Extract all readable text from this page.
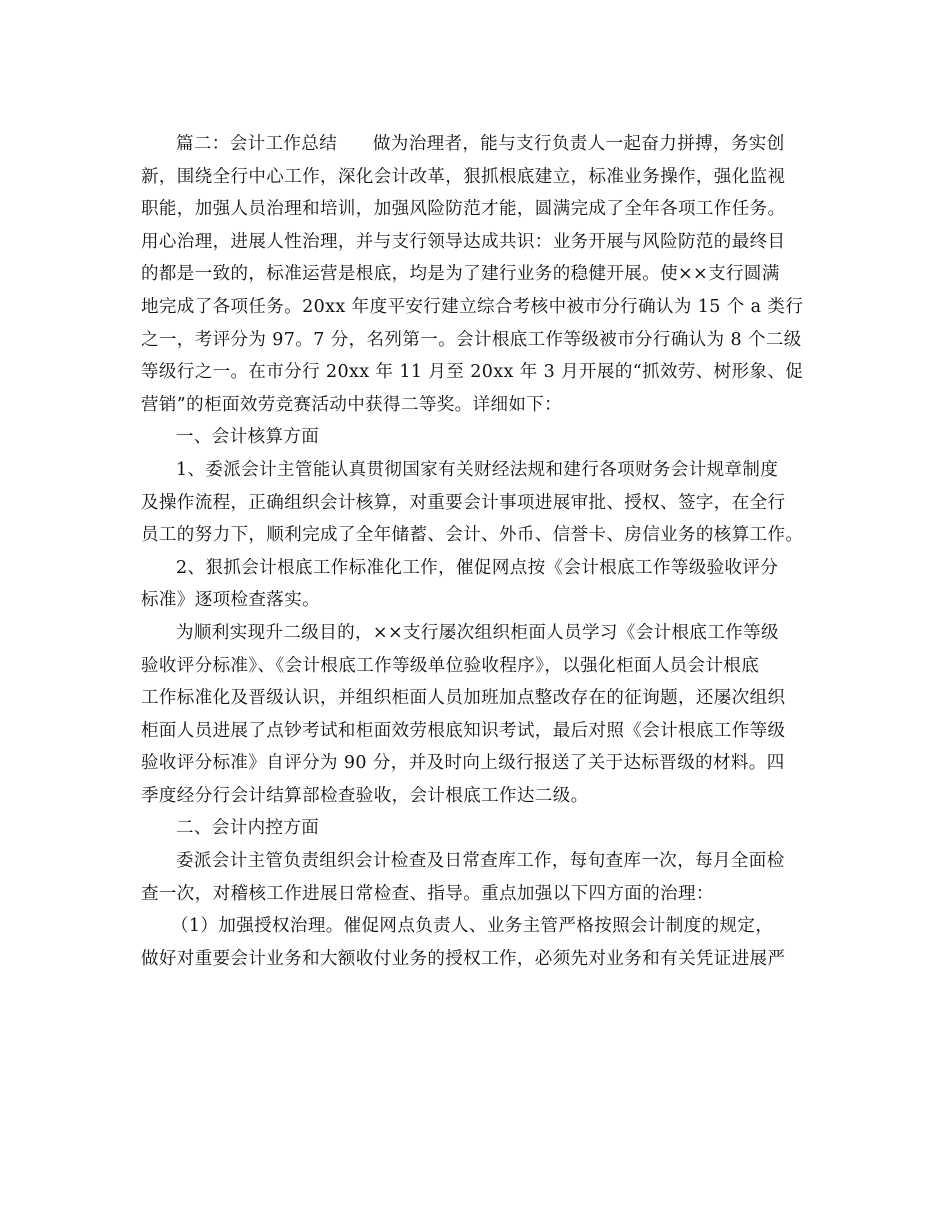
篇二：会计工作总结　　做为治理者，能与支行负责人一起奋力拼搏，务实创
新，围绕全行中心工作，深化会计改革，狠抓根底建立，标准业务操作，强化监视
职能，加强人员治理和培训，加强风险防范才能，圆满完成了全年各项工作任务。
用心治理，进展人性治理，并与支行领导达成共识：业务开展与风险防范的最终目
的都是一致的，标准运营是根底，均是为了建行业务的稳健开展。使××支行圆满
地完成了各项任务。20xx 年度平安行建立综合考核中被市分行确认为 15 个 a 类行
之一，考评分为 97。7 分，名列第一。会计根底工作等级被市分行确认为 8 个二级
等级行之一。在市分行 20xx 年 11 月至 20xx 年 3 月开展的“抓效劳、树形象、促
营销”的柜面效劳竞赛活动中获得二等奖。详细如下：
一、会计核算方面
1、委派会计主管能认真贯彻国家有关财经法规和建行各项财务会计规章制度
及操作流程，正确组织会计核算，对重要会计事项进展审批、授权、签字，在全行
员工的努力下，顺利完成了全年储蓄、会计、外币、信誉卡、房信业务的核算工作。
2、狠抓会计根底工作标准化工作，催促网点按《会计根底工作等级验收评分
标准》逐项检查落实。
为顺利实现升二级目的，××支行屡次组织柜面人员学习《会计根底工作等级
验收评分标准》、《会计根底工作等级单位验收程序》，以强化柜面人员会计根底
工作标准化及晋级认识，并组织柜面人员加班加点整改存在的征询题，还屡次组织
柜面人员进展了点钞考试和柜面效劳根底知识考试，最后对照《会计根底工作等级
验收评分标准》自评分为 90 分，并及时向上级行报送了关于达标晋级的材料。四
季度经分行会计结算部检查验收，会计根底工作达二级。
二、会计内控方面
委派会计主管负责组织会计检查及日常查库工作，每旬查库一次，每月全面检
查一次，对稽核工作进展日常检查、指导。重点加强以下四方面的治理：
（1）加强授权治理。催促网点负责人、业务主管严格按照会计制度的规定，
做好对重要会计业务和大额收付业务的授权工作，必须先对业务和有关凭证进展严
